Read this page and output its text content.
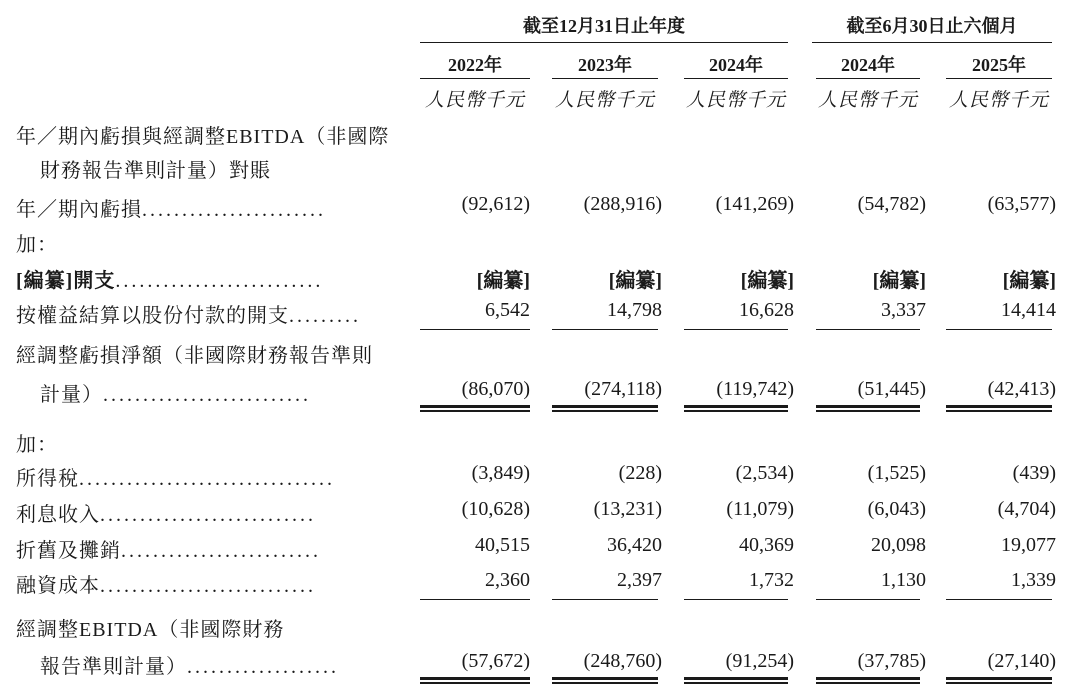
截至12月31日止年度	截至6月30日止六個月
2022年	2023年	2024年	2024年	2025年
人民幣千元 人民幣千元 人民幣千元 人民幣千元 人民幣千元
年／期內虧損與經調整EBITDA（非國際
財務報告準則計量）對賬
年／期內虧損.......................	(92,612)	(288,916)	(141,269)	(54,782)	(63,577)
加：
[編纂]開支..........................	[編纂]	[編纂]	[編纂]	[編纂]	[編纂]
按權益結算以股份付款的開支.........	6,542	14,798	16,628	3,337	14,414
經調整虧損淨額（非國際財務報告準則
計量）..........................	(86,070)	(274,118)	(119,742)	(51,445)	(42,413)
加：
所得稅................................	(3,849)	(228)	(2,534)	(1,525)	(439)
利息收入...........................	(10,628)	(13,231)	(11,079)	(6,043)	(4,704)
折舊及攤銷.........................	40,515	36,420	40,369	20,098	19,077
融資成本...........................	2,360	2,397	1,732	1,130	1,339
經調整EBITDA（非國際財務
報告準則計量）...................	(57,672)	(248,760)	(91,254)	(37,785)	(27,140)
